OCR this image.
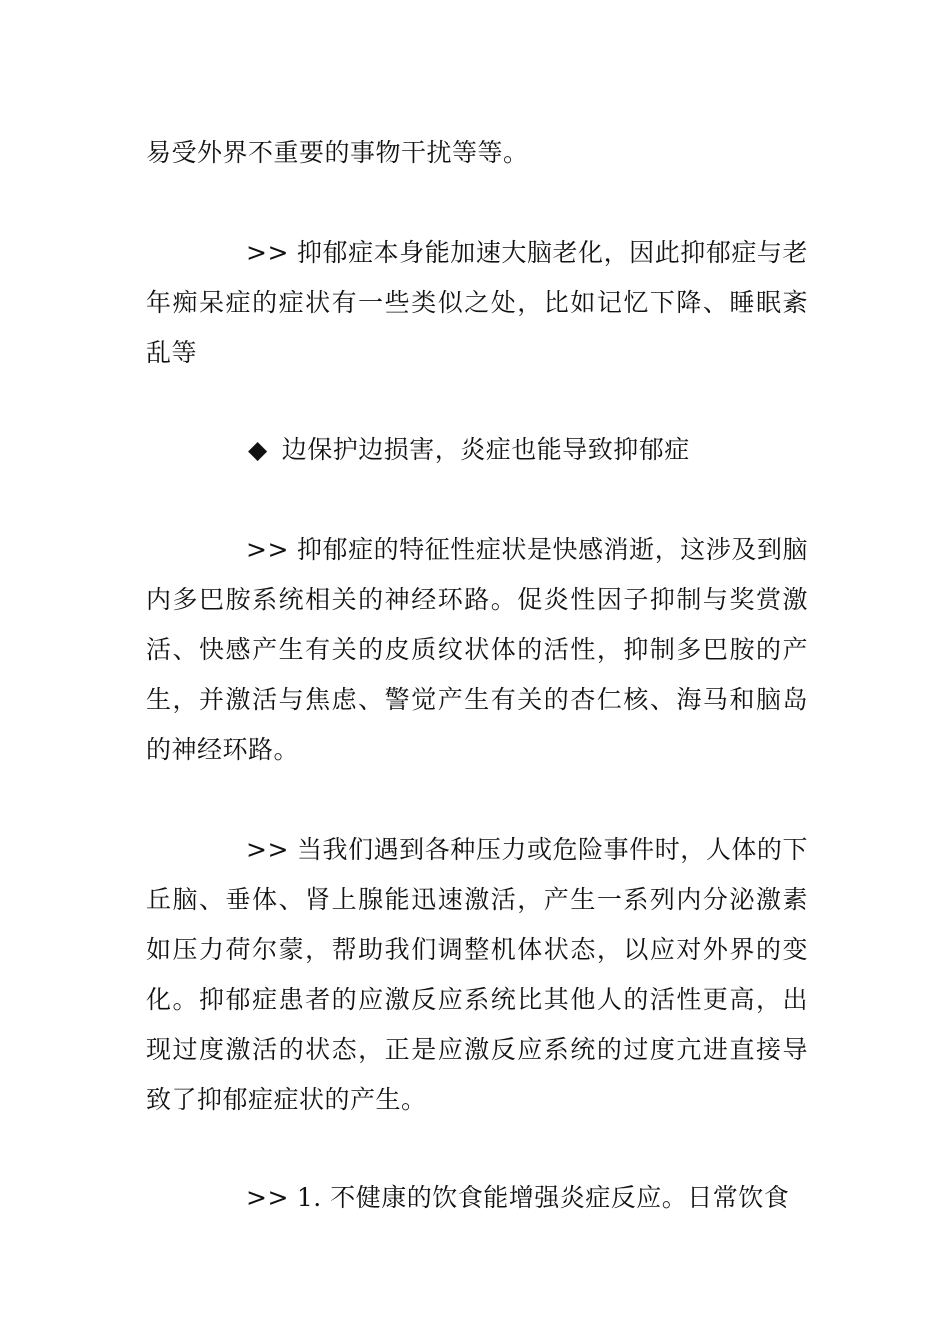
易受外界不重要的事物干扰等等。

>> 抑郁症本身能加速大脑老化，因此抑郁症与老年痴呆症的症状有一些类似之处，比如记忆下降、睡眠紊乱等

◆ 边保护边损害，炎症也能导致抑郁症

>> 抑郁症的特征性症状是快感消逝，这涉及到脑内多巴胺系统相关的神经环路。促炎性因子抑制与奖赏激活、快感产生有关的皮质纹状体的活性，抑制多巴胺的产生，并激活与焦虑、警觉产生有关的杏仁核、海马和脑岛的神经环路。

>> 当我们遇到各种压力或危险事件时，人体的下丘脑、垂体、肾上腺能迅速激活，产生一系列内分泌激素如压力荷尔蒙，帮助我们调整机体状态，以应对外界的变化。抑郁症患者的应激反应系统比其他人的活性更高，出现过度激活的状态，正是应激反应系统的过度亢进直接导致了抑郁症症状的产生。

>> 1. 不健康的饮食能增强炎症反应。日常饮食
